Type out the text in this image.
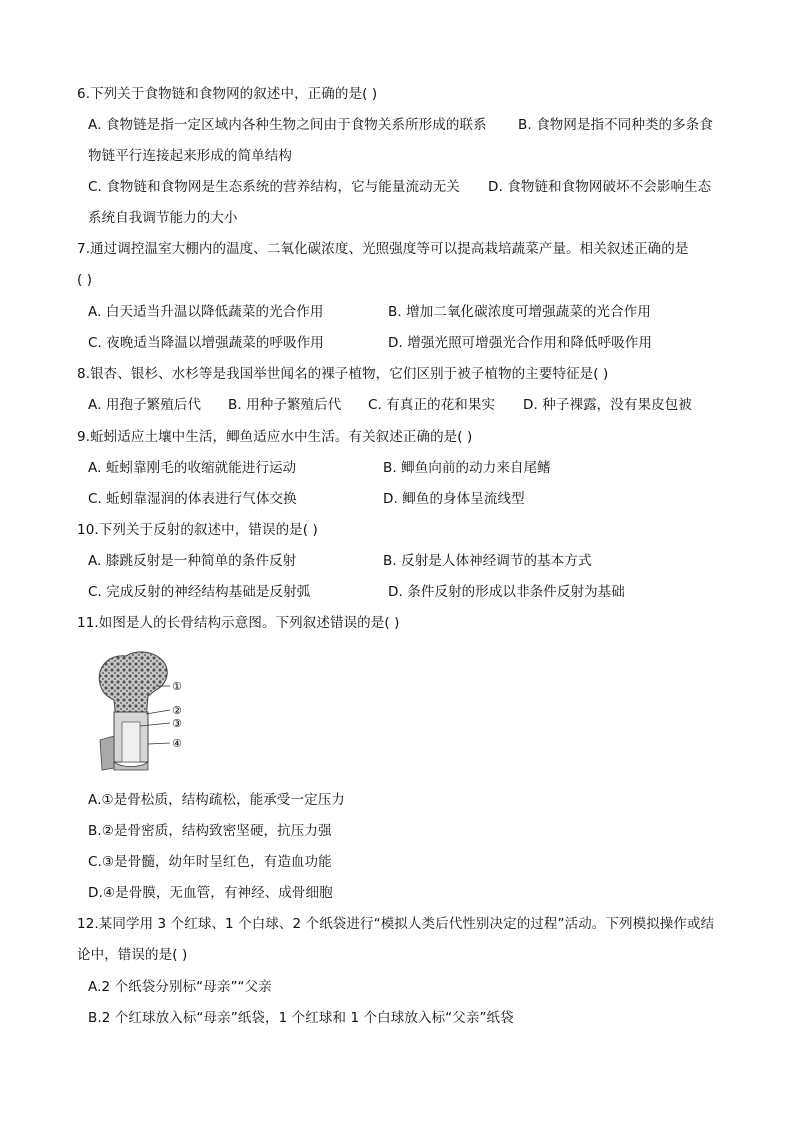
6.下列关于食物链和食物网的叙述中，正确的是( )
A. 食物链是指一定区域内各种生物之间由于食物关系所形成的联系 B. 食物网是指不同种类的多条食
物链平行连接起来形成的简单结构
C. 食物链和食物网是生态系统的营养结构，它与能量流动无关 D. 食物链和食物网破坏不会影响生态
系统自我调节能力的大小
7.通过调控温室大棚内的温度、二氧化碳浓度、光照强度等可以提高栽培蔬菜产量。相关叙述正确的是
( )
A. 白天适当升温以降低蔬菜的光合作用	B. 增加二氧化碳浓度可增强蔬菜的光合作用
C. 夜晚适当降温以增强蔬菜的呼吸作用	D. 增强光照可增强光合作用和降低呼吸作用
8.银杏、银杉、水杉等是我国举世闻名的裸子植物，它们区别于被子植物的主要特征是( )
A. 用孢子繁殖后代 B. 用种子繁殖后代 C. 有真正的花和果实 D. 种子裸露，没有果皮包被
9.蚯蚓适应土壤中生活，鲫鱼适应水中生活。有关叙述正确的是( )
A. 蚯蚓靠刚毛的收缩就能进行运动	B. 鲫鱼向前的动力来自尾鳍
C. 蚯蚓靠湿润的体表进行气体交换	D. 鲫鱼的身体呈流线型
10.下列关于反射的叙述中，错误的是( )
A. 膝跳反射是一种简单的条件反射	B. 反射是人体神经调节的基本方式
C. 完成反射的神经结构基础是反射弧	D. 条件反射的形成以非条件反射为基础
11.如图是人的长骨结构示意图。下列叙述错误的是( )
①
②
③
④
A.①是骨松质，结构疏松，能承受一定压力
B.②是骨密质，结构致密坚硬，抗压力强
C.③是骨髓，幼年时呈红色，有造血功能
D.④是骨膜，无血管，有神经、成骨细胞
12.某同学用 3 个红球、1 个白球、2 个纸袋进行“模拟人类后代性别决定的过程”活动。下列模拟操作或结
论中，错误的是( )
A.2 个纸袋分别标“母亲”“父亲
B.2 个红球放入标“母亲”纸袋，1 个红球和 1 个白球放入标“父亲”纸袋
